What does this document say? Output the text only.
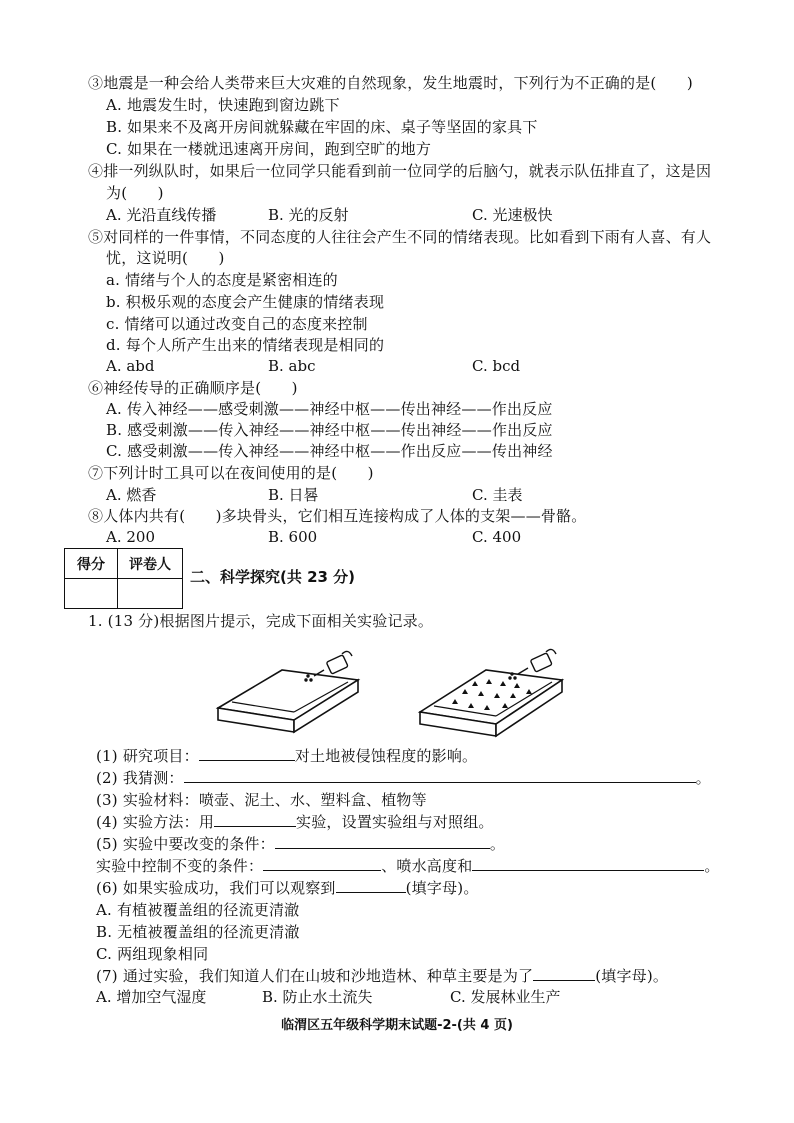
③地震是一种会给人类带来巨大灾难的自然现象，发生地震时，下列行为不正确的是(　　)
A. 地震发生时，快速跑到窗边跳下
B. 如果来不及离开房间就躲藏在牢固的床、桌子等坚固的家具下
C. 如果在一楼就迅速离开房间，跑到空旷的地方
④排一列纵队时，如果后一位同学只能看到前一位同学的后脑勺，就表示队伍排直了，这是因
为(　　)
A. 光沿直线传播	B. 光的反射	C. 光速极快
⑤对同样的一件事情，不同态度的人往往会产生不同的情绪表现。比如看到下雨有人喜、有人
忧，这说明(　　)
a. 情绪与个人的态度是紧密相连的
b. 积极乐观的态度会产生健康的情绪表现
c. 情绪可以通过改变自己的态度来控制
d. 每个人所产生出来的情绪表现是相同的
A. abd	B. abc	C. bcd
⑥神经传导的正确顺序是(　　)
A. 传入神经——感受刺激——神经中枢——传出神经——作出反应
B. 感受刺激——传入神经——神经中枢——传出神经——作出反应
C. 感受刺激——传入神经——神经中枢——作出反应——传出神经
⑦下列计时工具可以在夜间使用的是(　　)
A. 燃香	B. 日晷	C. 圭表
⑧人体内共有(　　)多块骨头，它们相互连接构成了人体的支架——骨骼。
A. 200	B. 600	C. 400
得分	评卷人

二、科学探究(共 23 分)
1. (13 分)根据图片提示，完成下面相关实验记录。
(1) 研究项目：	对土地被侵蚀程度的影响。
(2) 我猜测：	。
(3) 实验材料：喷壶、泥土、水、塑料盒、植物等
(4) 实验方法：用	实验，设置实验组与对照组。
(5) 实验中要改变的条件：	。
实验中控制不变的条件：	、喷水高度和	。
(6) 如果实验成功，我们可以观察到	(填字母)。
A. 有植被覆盖组的径流更清澈
B. 无植被覆盖组的径流更清澈
C. 两组现象相同
(7) 通过实验，我们知道人们在山坡和沙地造林、种草主要是为了	(填字母)。
A. 增加空气湿度	B. 防止水土流失	C. 发展林业生产
临渭区五年级科学期末试题-2-(共 4 页)
